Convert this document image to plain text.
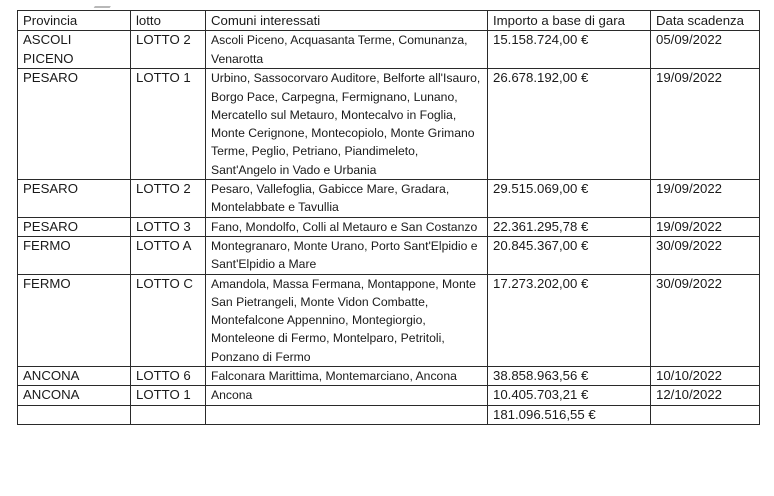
Provincia	lotto	Comuni interessati	Importo a base di gara	Data scadenza
ASCOLI PICENO	LOTTO 2	Ascoli Piceno, Acquasanta Terme, Comunanza, Venarotta	15.158.724,00 €	05/09/2022
PESARO	LOTTO 1	Urbino, Sassocorvaro Auditore, Belforte all'Isauro, Borgo Pace, Carpegna, Fermignano, Lunano, Mercatello sul Metauro, Montecalvo in Foglia, Monte Cerignone, Montecopiolo, Monte Grimano Terme, Peglio, Petriano, Piandimeleto, Sant'Angelo in Vado e Urbania	26.678.192,00 €	19/09/2022
PESARO	LOTTO 2	Pesaro, Vallefoglia, Gabicce Mare, Gradara, Montelabbate e Tavullia	29.515.069,00 €	19/09/2022
PESARO	LOTTO 3	Fano, Mondolfo, Colli al Metauro e San Costanzo	22.361.295,78 €	19/09/2022
FERMO	LOTTO A	Montegranaro, Monte Urano, Porto Sant'Elpidio e Sant'Elpidio a Mare	20.845.367,00 €	30/09/2022
FERMO	LOTTO C	Amandola, Massa Fermana, Montappone, Monte San Pietrangeli, Monte Vidon Combatte, Montefalcone Appennino, Montegiorgio, Monteleone di Fermo, Montelparo, Petritoli, Ponzano di Fermo	17.273.202,00 €	30/09/2022
ANCONA	LOTTO 6	Falconara Marittima, Montemarciano, Ancona	38.858.963,56 €	10/10/2022
ANCONA	LOTTO 1	Ancona	10.405.703,21 €	12/10/2022
			181.096.516,55 €	
